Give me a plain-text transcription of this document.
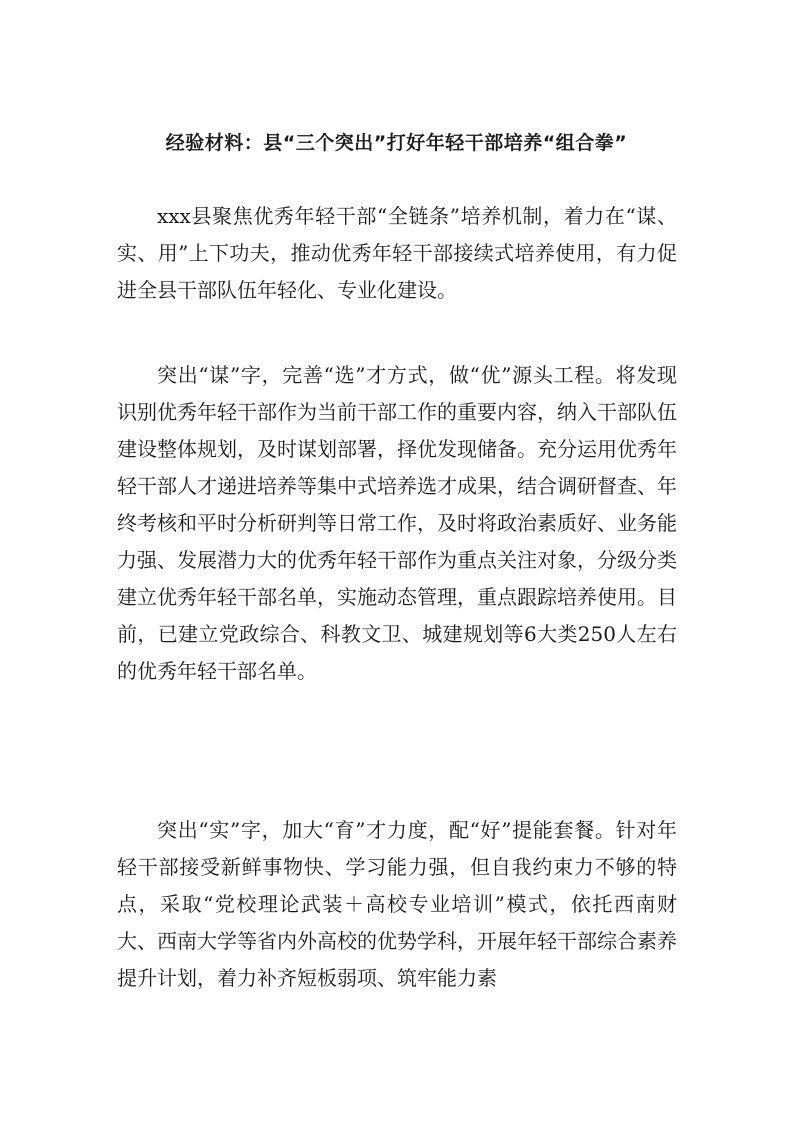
经验材料：县“三个突出”打好年轻干部培养“组合拳”

xxx县聚焦优秀年轻干部“全链条”培养机制，着力在“谋、实、用”上下功夫，推动优秀年轻干部接续式培养使用，有力促进全县干部队伍年轻化、专业化建设。

突出“谋”字，完善“选”才方式，做“优”源头工程。将发现识别优秀年轻干部作为当前干部工作的重要内容，纳入干部队伍建设整体规划，及时谋划部署，择优发现储备。充分运用优秀年轻干部人才递进培养等集中式培养选才成果，结合调研督查、年终考核和平时分析研判等日常工作，及时将政治素质好、业务能力强、发展潜力大的优秀年轻干部作为重点关注对象，分级分类建立优秀年轻干部名单，实施动态管理，重点跟踪培养使用。目前，已建立党政综合、科教文卫、城建规划等6大类250人左右的优秀年轻干部名单。

突出“实”字，加大“育”才力度，配“好”提能套餐。针对年轻干部接受新鲜事物快、学习能力强，但自我约束力不够的特点，采取“党校理论武装＋高校专业培训”模式，依托西南财大、西南大学等省内外高校的优势学科，开展年轻干部综合素养提升计划，着力补齐短板弱项、筑牢能力素
